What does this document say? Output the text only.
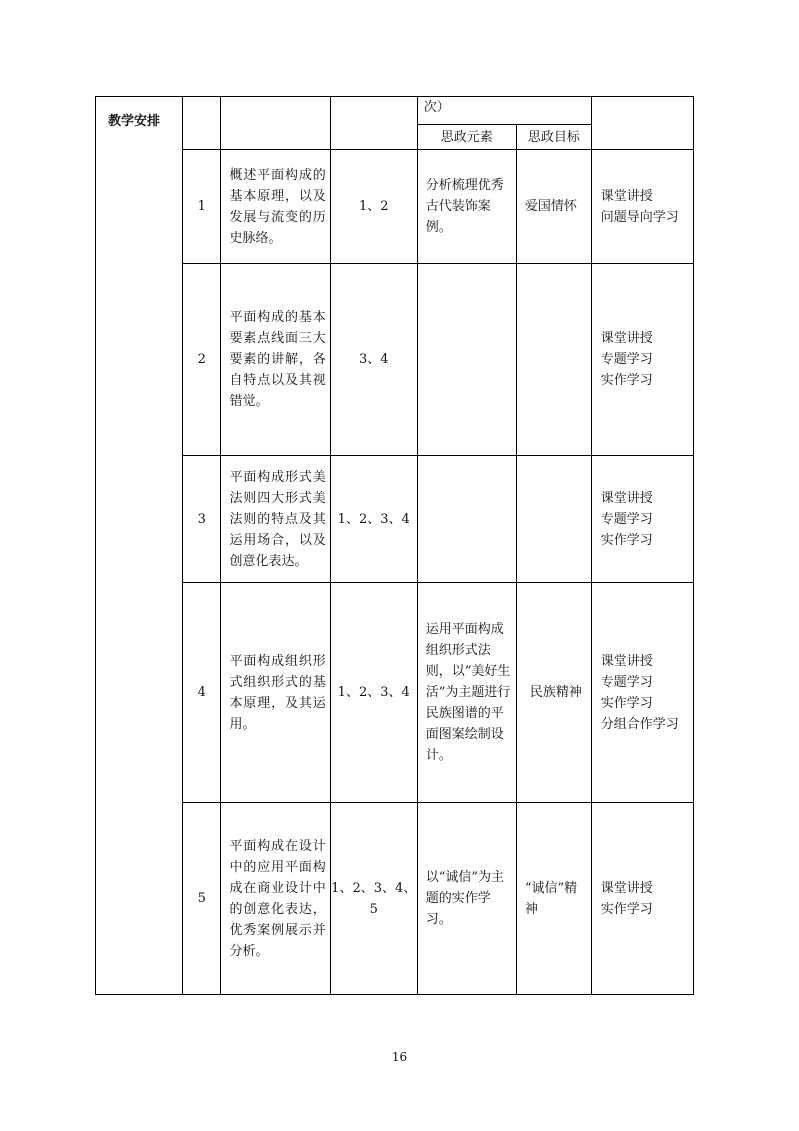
教学安排				次）		

				思政元素	思政目标	
	1	概述平面构成的基本原理，以及发展与流变的历史脉络。	1、2	分析梳理优秀古代装饰案例。	爱国情怀	课堂讲授
问题导向学习

	2	平面构成的基本要素点线面三大要素的讲解，各自特点以及其视错觉。	3、4			课堂讲授
专题学习
实作学习

	3	平面构成形式美法则四大形式美法则的特点及其运用场合，以及创意化表达。	1、2、3、4			课堂讲授
专题学习
实作学习

	4	平面构成组织形式组织形式的基本原理，及其运用。	1、2、3、4	运用平面构成组织形式法则，以“美好生活”为主题进行民族图谱的平面图案绘制设计。	民族精神	课堂讲授
专题学习
实作学习
分组合作学习

	5	平面构成在设计中的应用平面构成在商业设计中的创意化表达，优秀案例展示并分析。	1、2、3、4、5	以“诚信”为主题的实作学习。	“诚信”精神	课堂讲授
实作学习
16
